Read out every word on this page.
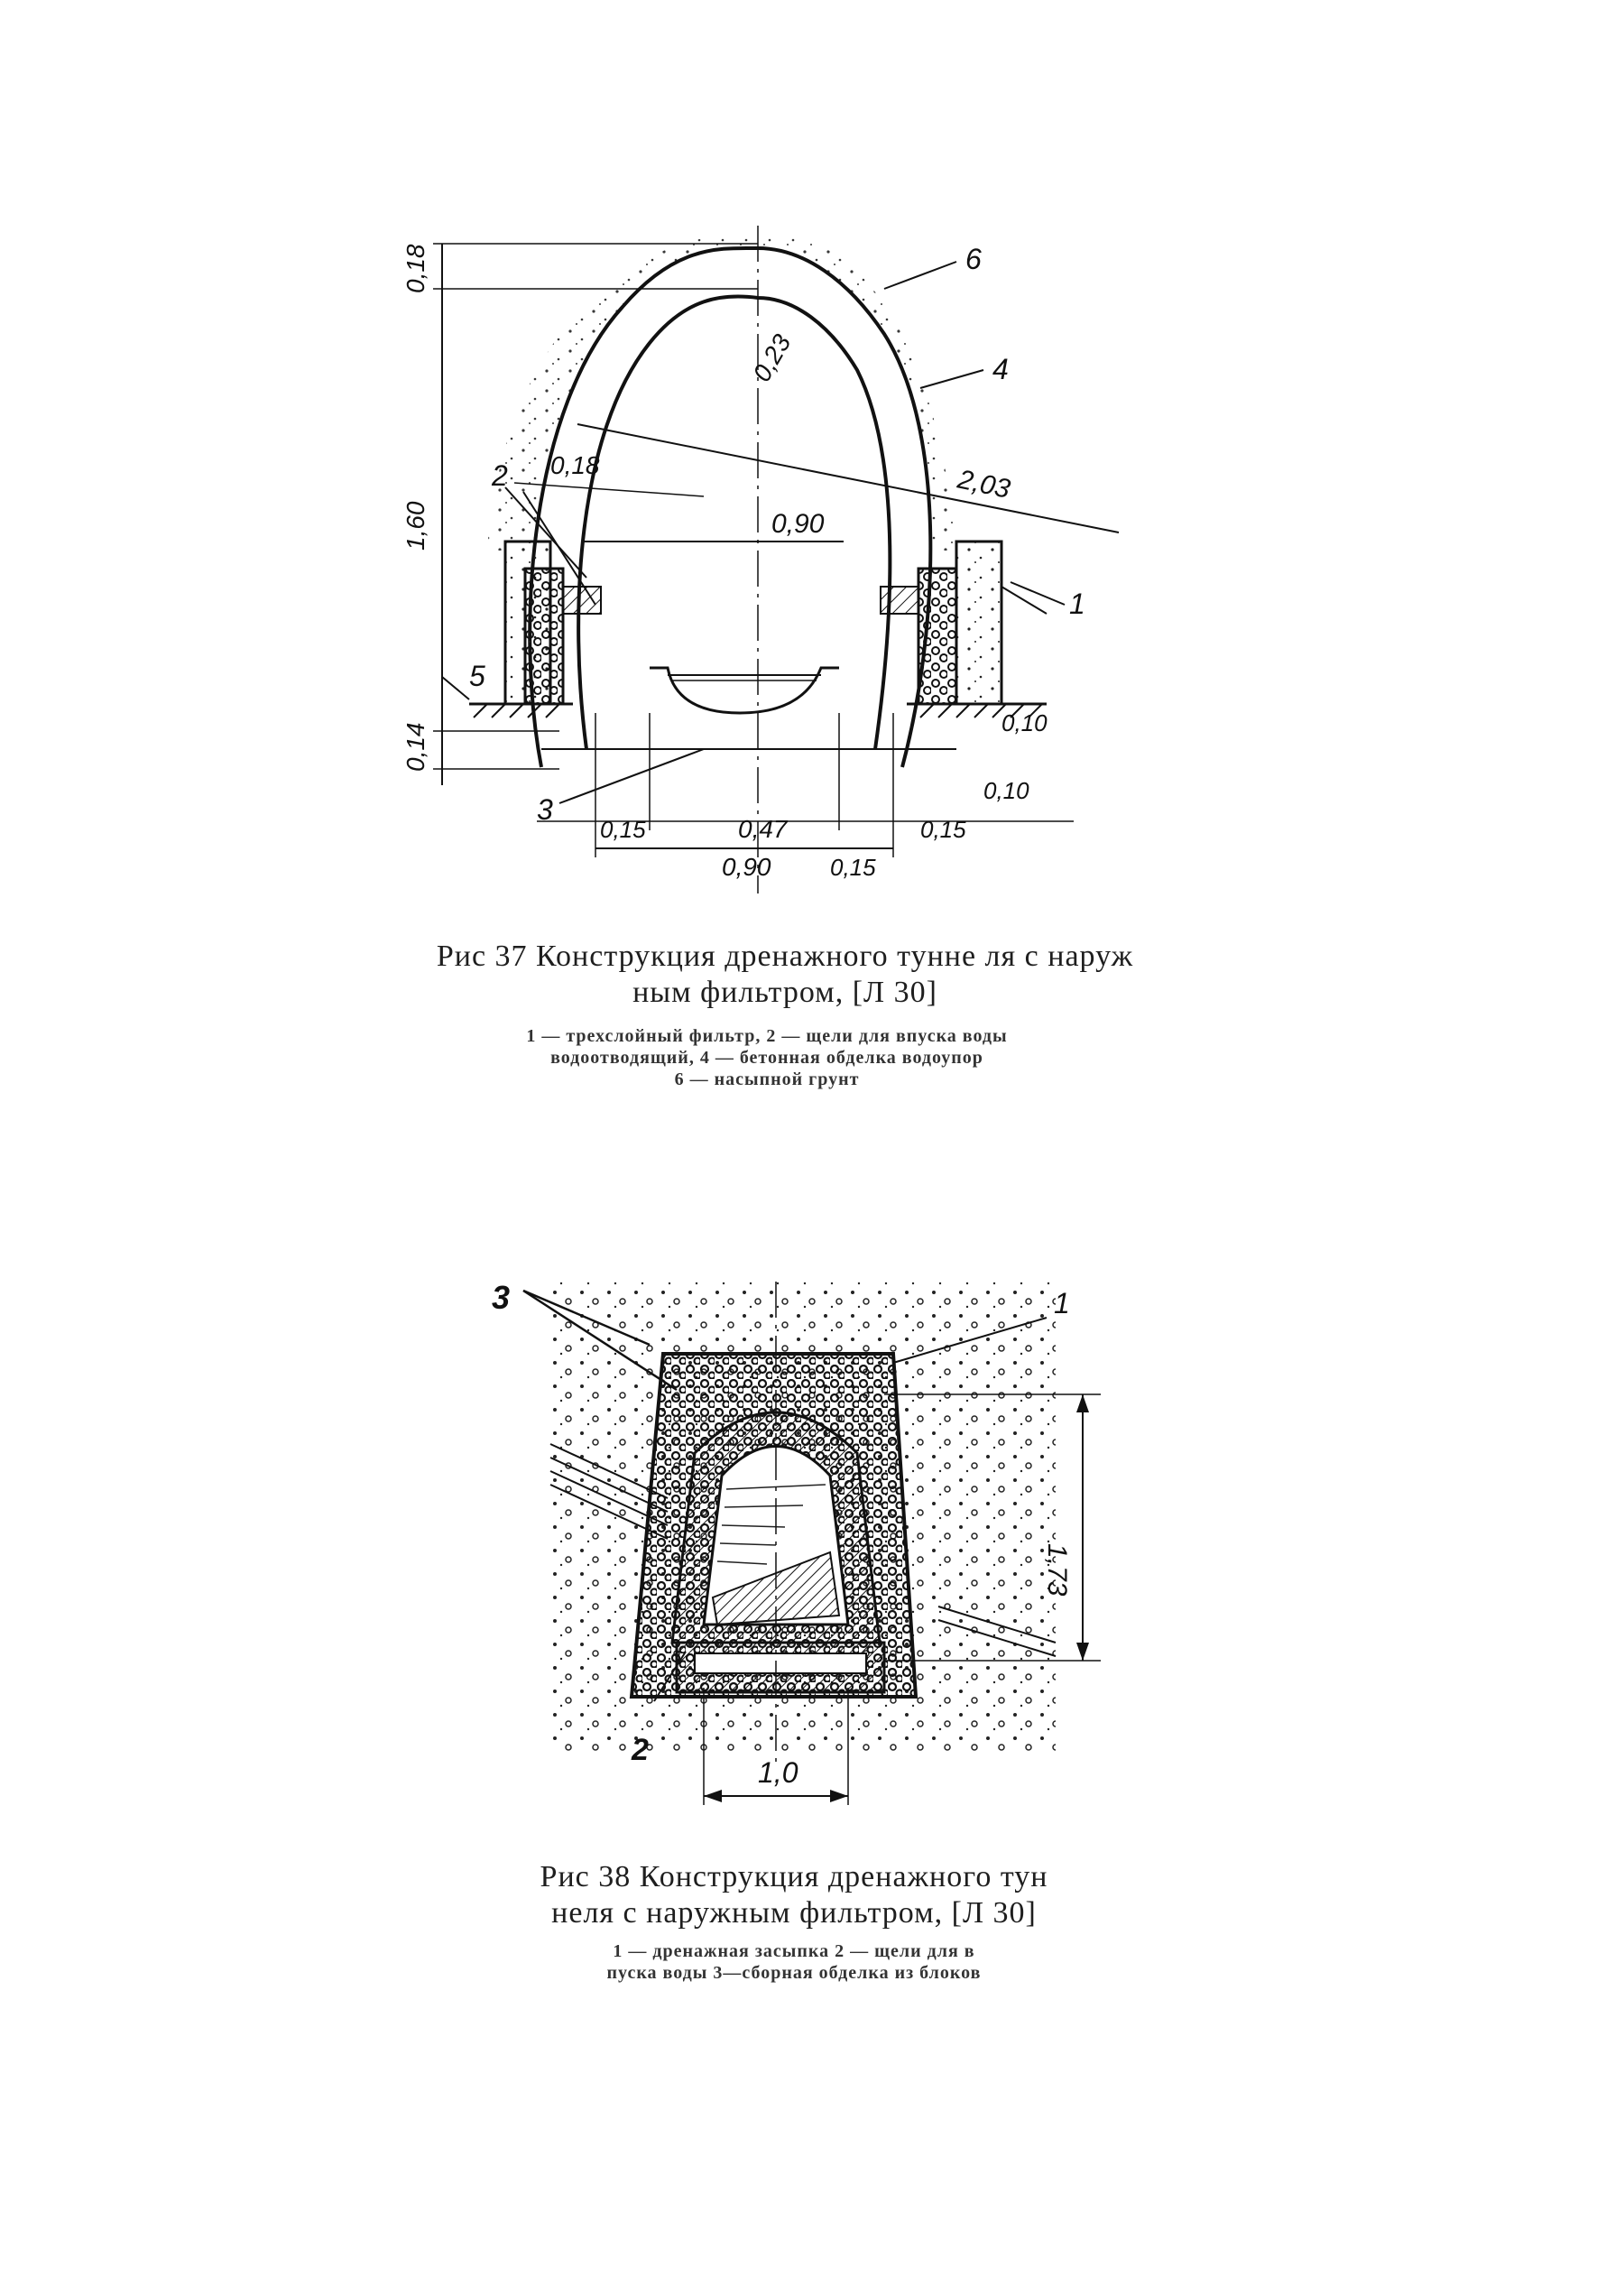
0,18
1,60
0,14
0,23
2,03
0,18
0,90
0,10
0,10
0,15	0,47	0,15
0,90	0,15
1
2
3
4
5
6
Рис 37 Конструкция дренажного тунне ля с наруж
ным фильтром, [Л 30]
1 — трехслойный фильтр, 2 — щели для впуска воды
водоотводящий, 4 — бетонная обделка водоупор
6 — насыпной грунт
3	1
2
1,73
1,0
Рис 38 Конструкция дренажного тун
неля с наружным фильтром, [Л 30]
1 — дренажная засыпка 2 — щели для в
пуска воды 3—сборная обделка из блоков
